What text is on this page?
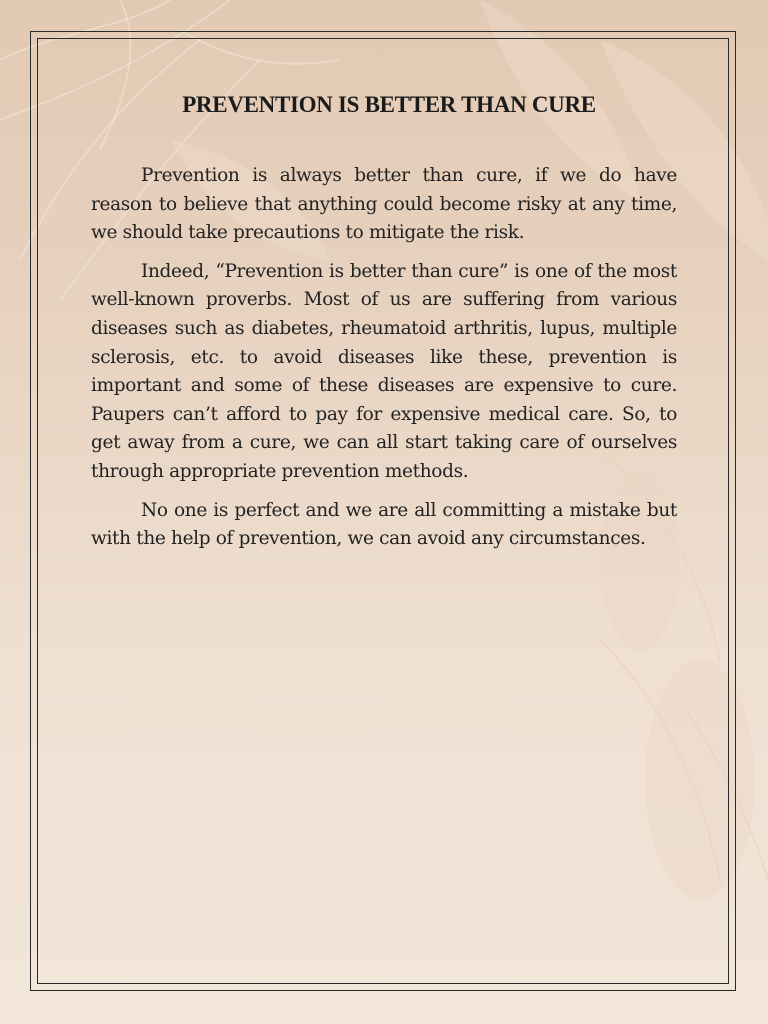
PREVENTION IS BETTER THAN CURE

Prevention is always better than cure, if we do have reason to believe that anything could become risky at any time, we should take precautions to mitigate the risk.

Indeed, “Prevention is better than cure” is one of the most well-known proverbs. Most of us are suffering from various diseases such as diabetes, rheumatoid arthritis, lupus, multiple sclerosis, etc. to avoid diseases like these, prevention is important and some of these diseases are expensive to cure. Paupers can’t afford to pay for expensive medical care. So, to get away from a cure, we can all start taking care of ourselves through appropriate prevention methods.

No one is perfect and we are all committing a mistake but with the help of prevention, we can avoid any circumstances.
